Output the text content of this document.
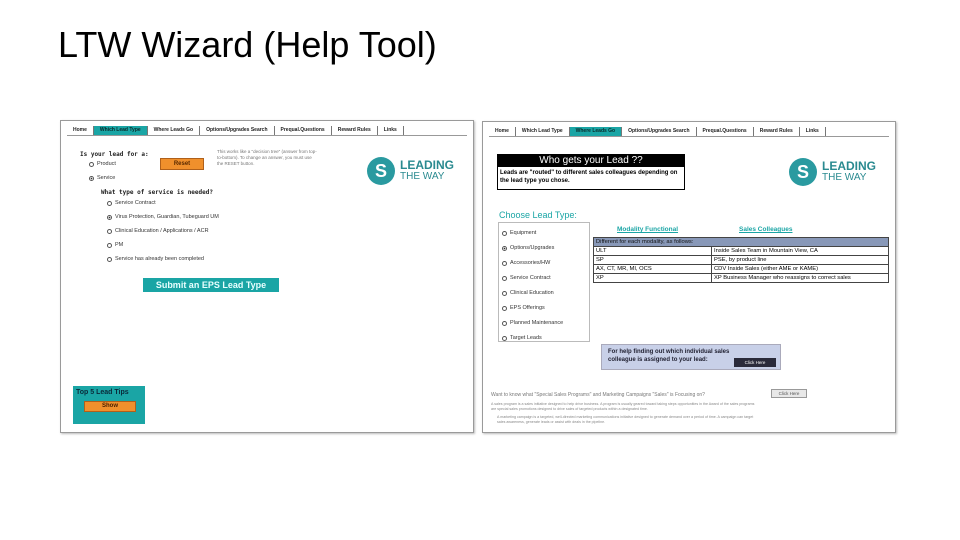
LTW Wizard (Help Tool)
Home	Which Lead Type	Where Leads Go	Options/Upgrades Search	Prequal.Questions	Reward Rules	Links
S	LEADING
THE WAY
Is your lead for a:
Product
Service
Reset
This works like a "decision tree" (answer from top-to-bottom). To change an answer, you must use the RESET button.
What type of service is needed?
Service Contract
Virus Protection, Guardian, Tubeguard UM
Clinical Education / Applications / ACR
PM
Service has already been completed
Submit an EPS Lead Type
Top 5 Lead Tips
Show
Home	Which Lead Type	Where Leads Go	Options/Upgrades Search	Prequal.Questions	Reward Rules	Links
Who gets your Lead ??
Leads are "routed" to different sales colleagues depending on the lead type you chose.	S	LEADING
THE WAY
Choose Lead Type:
Equipment
Options/Upgrades
Accessories/HW
Service Contract
Clinical Education
EPS Offerings
Planned Maintenance
Target Leads
Modality Functional	Sales Colleagues
Different for each modality, as follows:	
ULT	Inside Sales Team in Mountain View, CA
SP	PSE, by product line
AX, CT, MR, MI, OCS	CDV Inside Sales (either AME or KAME)
XP	XP Business Manager who reassigns to correct sales
For help finding out which individual sales colleague is assigned to your lead:	Click Here
Want to know what "Special Sales Programs" and Marketing Campaigns "Sales" is Focusing on?	Click Here
A sales program is a sales initiative designed to help drive business. A program is usually geared toward taking steps opportunities in the Award of the sales programs
are special sales promotions designed to drive sales of targeted products within a designated time.
A marketing campaign is a targeted, well-directed marketing communications initiative designed to generate demand over a period of time. A campaign can target
sales awareness, generate leads or assist with deals in the pipeline.
